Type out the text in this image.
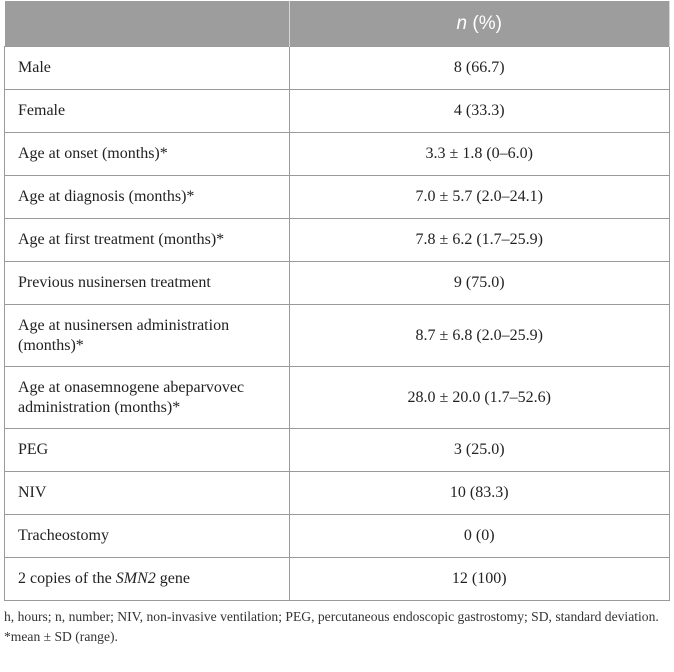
	n (%)
Male	8 (66.7)
Female	4 (33.3)
Age at onset (months)*	3.3 ± 1.8 (0–6.0)
Age at diagnosis (months)*	7.0 ± 5.7 (2.0–24.1)
Age at first treatment (months)*	7.8 ± 6.2 (1.7–25.9)
Previous nusinersen treatment	9 (75.0)
Age at nusinersen administration (months)*	8.7 ± 6.8 (2.0–25.9)
Age at onasemnogene abeparvovec administration (months)*	28.0 ± 20.0 (1.7–52.6)
PEG	3 (25.0)
NIV	10 (83.3)
Tracheostomy	0 (0)
2 copies of the SMN2 gene	12 (100)
h, hours; n, number; NIV, non-invasive ventilation; PEG, percutaneous endoscopic gastrostomy; SD, standard deviation. *mean ± SD (range).
